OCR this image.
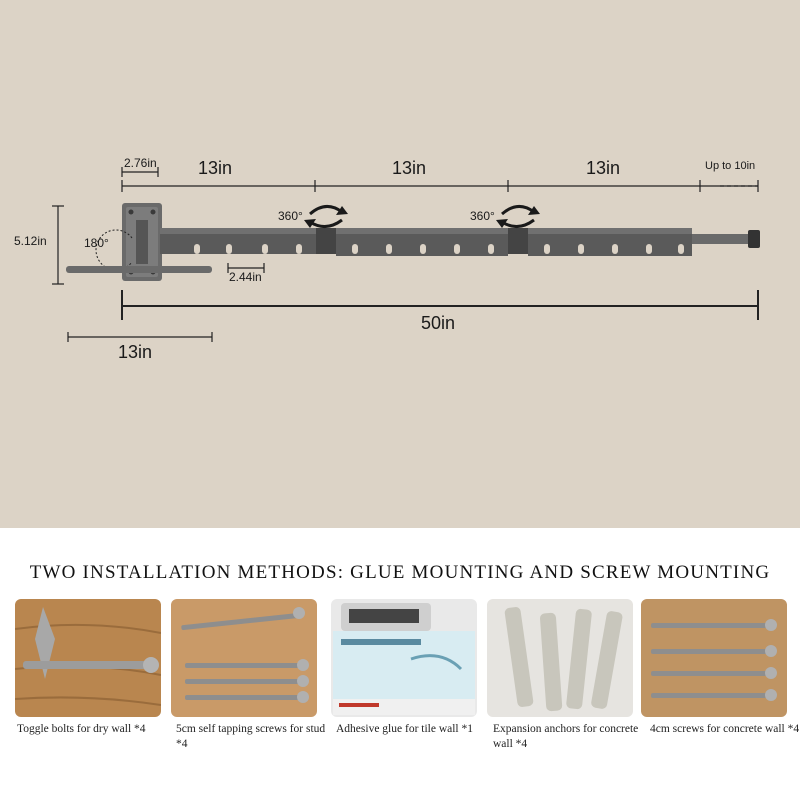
2.76in 13in	13in	13in	Up to 10in
5.12in	180°
2.44in
360°	360°
50in
13in
TWO INSTALLATION METHODS: GLUE MOUNTING AND SCREW MOUNTING
Toggle bolts for dry wall *4	5cm self tapping screws for stud *4
Adhesive glue for tile wall *1	Expansion anchors for concrete wall *4
4cm screws for concrete wall *4
